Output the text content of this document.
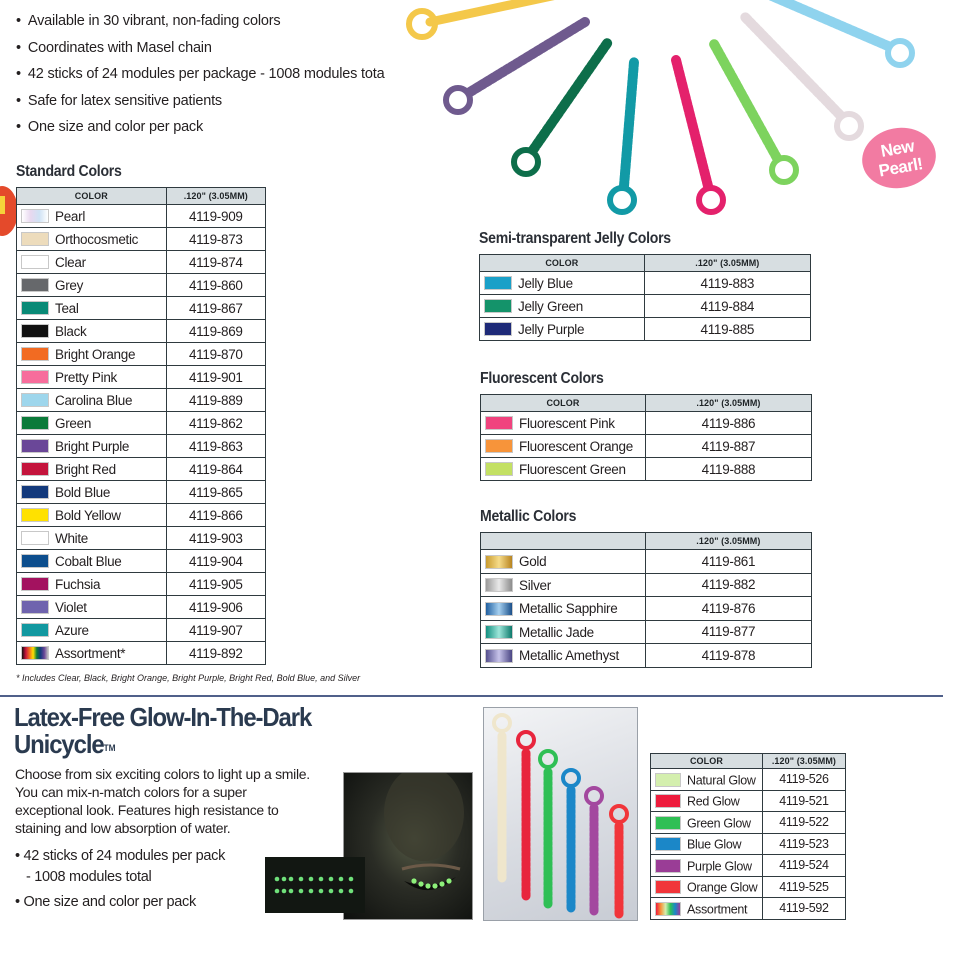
• Available in 30 vibrant, non-fading colors
• Coordinates with Masel chain
• 42 sticks of 24 modules per package - 1008 modules tota
• Safe for latex sensitive patients
• One size and color per pack
New
Pearl!
Standard Colors
COLOR	.120" (3.05MM)
Pearl	4119-909
Orthocosmetic	4119-873
Clear	4119-874
Grey	4119-860
Teal	4119-867
Black	4119-869
Bright Orange	4119-870
Pretty Pink	4119-901
Carolina Blue	4119-889
Green	4119-862
Bright Purple	4119-863
Bright Red	4119-864
Bold Blue	4119-865
Bold Yellow	4119-866
White	4119-903
Cobalt Blue	4119-904
Fuchsia	4119-905
Violet	4119-906
Azure	4119-907
Assortment*	4119-892
* Includes Clear, Black, Bright Orange, Bright Purple, Bright Red, Bold Blue, and Silver
Semi-transparent Jelly Colors
COLOR	.120" (3.05MM)
Jelly Blue	4119-883
Jelly Green	4119-884
Jelly Purple	4119-885
Fluorescent Colors
COLOR	.120" (3.05MM)
Fluorescent Pink	4119-886
Fluorescent Orange	4119-887
Fluorescent Green	4119-888
Metallic Colors
	.120" (3.05MM)
Gold	4119-861
Silver	4119-882
Metallic Sapphire	4119-876
Metallic Jade	4119-877
Metallic Amethyst	4119-878
Latex-Free Glow-In-The-Dark
Unicycle™
Choose from six exciting colors to light up a smile. You can mix-n-match colors for a super exceptional look. Features high resistance to staining and low absorption of water.
• 42 sticks of 24 modules per pack
- 1008 modules total
• One size and color per pack
COLOR	.120" (3.05MM)
Natural Glow	4119-526
Red Glow	4119-521
Green Glow	4119-522
Blue Glow	4119-523
Purple Glow	4119-524
Orange Glow	4119-525
Assortment	4119-592
